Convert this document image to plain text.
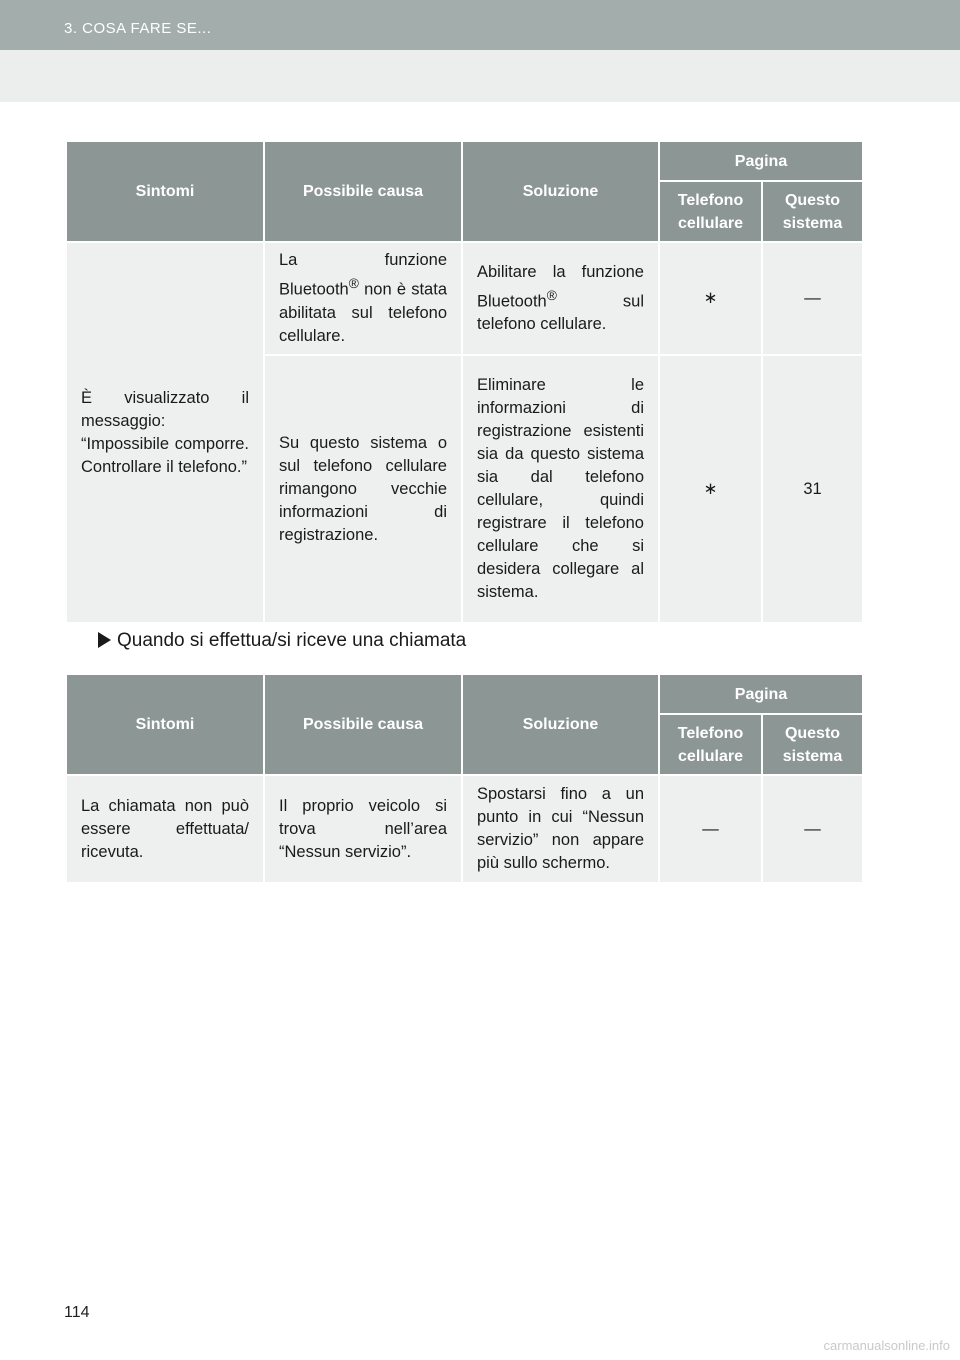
3. COSA FARE SE...
Sintomi	Possibile causa	Soluzione	Pagina	
			Telefono cellulare	Questo sistema
È visualizzato il messaggio: “Impossibile comporre. Controllare il telefono.”	La funzione Bluetooth® non è stata abilitata sul telefono cellulare.	Abilitare la funzione Bluetooth® sul telefono cellulare.	∗	—
	Su questo sistema o sul telefono cellulare rimangono vecchie informazioni di registrazione.	Eliminare le informazioni di registrazione esistenti sia da questo sistema sia dal telefono cellulare, quindi registrare il telefono cellulare che si desidera collegare al sistema.	∗	31
Quando si effettua/si riceve una chiamata
Sintomi	Possibile causa	Soluzione	Pagina	
			Telefono cellulare	Questo sistema
La chiamata non può essere effettuata/ ricevuta.	Il proprio veicolo si trova nell’area “Nessun servizio”.	Spostarsi fino a un punto in cui “Nessun servizio” non appare più sullo schermo.	—	—
114
carmanualsonline.info
